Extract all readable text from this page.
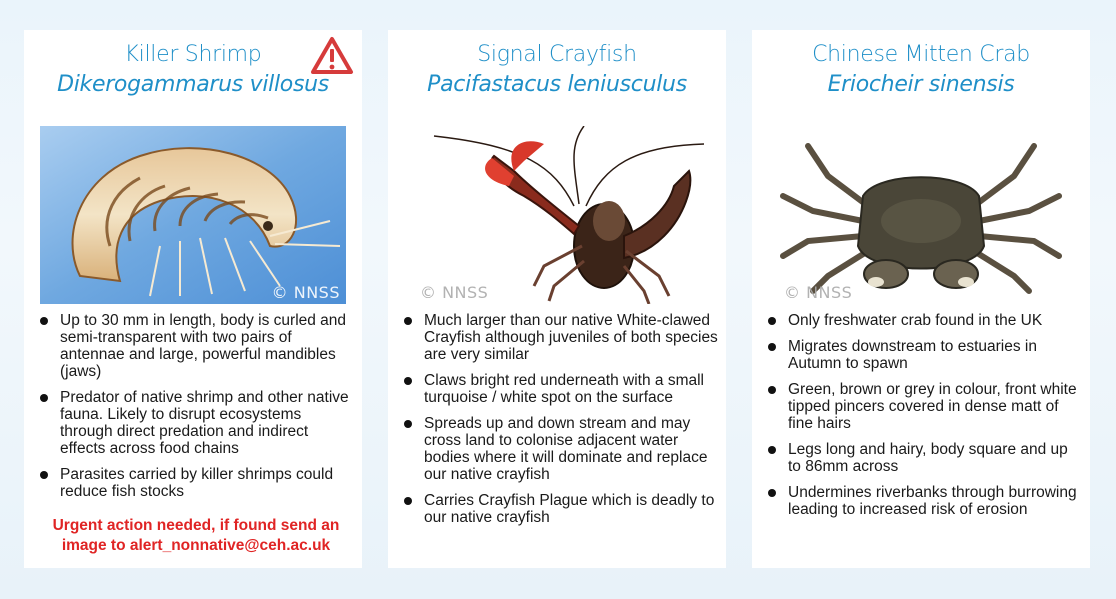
Killer Shrimp
Dikerogammarus villosus
© NNSS
Up to 30 mm in length, body is curled and semi-transparent with two pairs of antennae and large, powerful mandibles (jaws)
Predator of native shrimp and other native fauna. Likely to disrupt ecosystems through direct predation and indirect effects across food chains
Parasites carried by killer shrimps could reduce fish stocks
Urgent action needed, if found send an image to alert_nonnative@ceh.ac.uk
Signal Crayfish
Pacifastacus leniusculus
© NNSS
Much larger than our native White-clawed Crayfish although juveniles of both species are very similar
Claws bright red underneath with a small turquoise / white spot on the surface
Spreads up and down stream and may cross land to colonise adjacent water bodies where it will dominate and replace our native crayfish
Carries Crayfish Plague which is deadly to our native crayfish
Chinese Mitten Crab
Eriocheir sinensis
© NNSS
Only freshwater crab found in the UK
Migrates downstream to estuaries in Autumn to spawn
Green, brown or grey in colour, front white tipped pincers covered in dense matt of fine hairs
Legs long and hairy, body square and up to 86mm across
Undermines riverbanks through burrowing leading to increased risk of erosion
